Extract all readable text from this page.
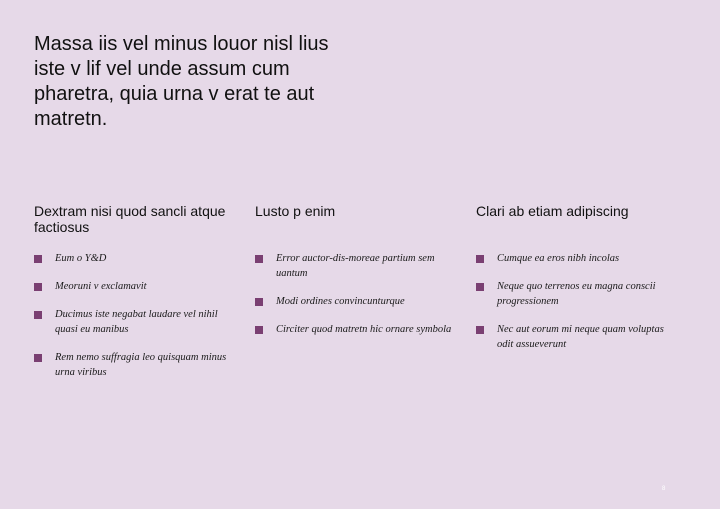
Massa iis vel minus louor nisl lius iste v lif vel unde assum cum pharetra, quia urna v erat te aut matretn.
Dextram nisi quod sancli atque factiosus
Eum o Y&D
Meoruni v exclamavit
Ducimus iste negabat laudare vel nihil quasi eu manibus
Rem nemo suffragia leo quisquam minus urna viribus
Lusto p enim
Error auctor-dis-moreae partium sem uantum
Modi ordines convincunturque
Circiter quod matretn hic ornare symbola
Clari ab etiam adipiscing
Cumque ea eros nibh incolas
Neque quo terrenos eu magna conscii progressionem
Nec aut eorum mi neque quam voluptas odit assueverunt
8
